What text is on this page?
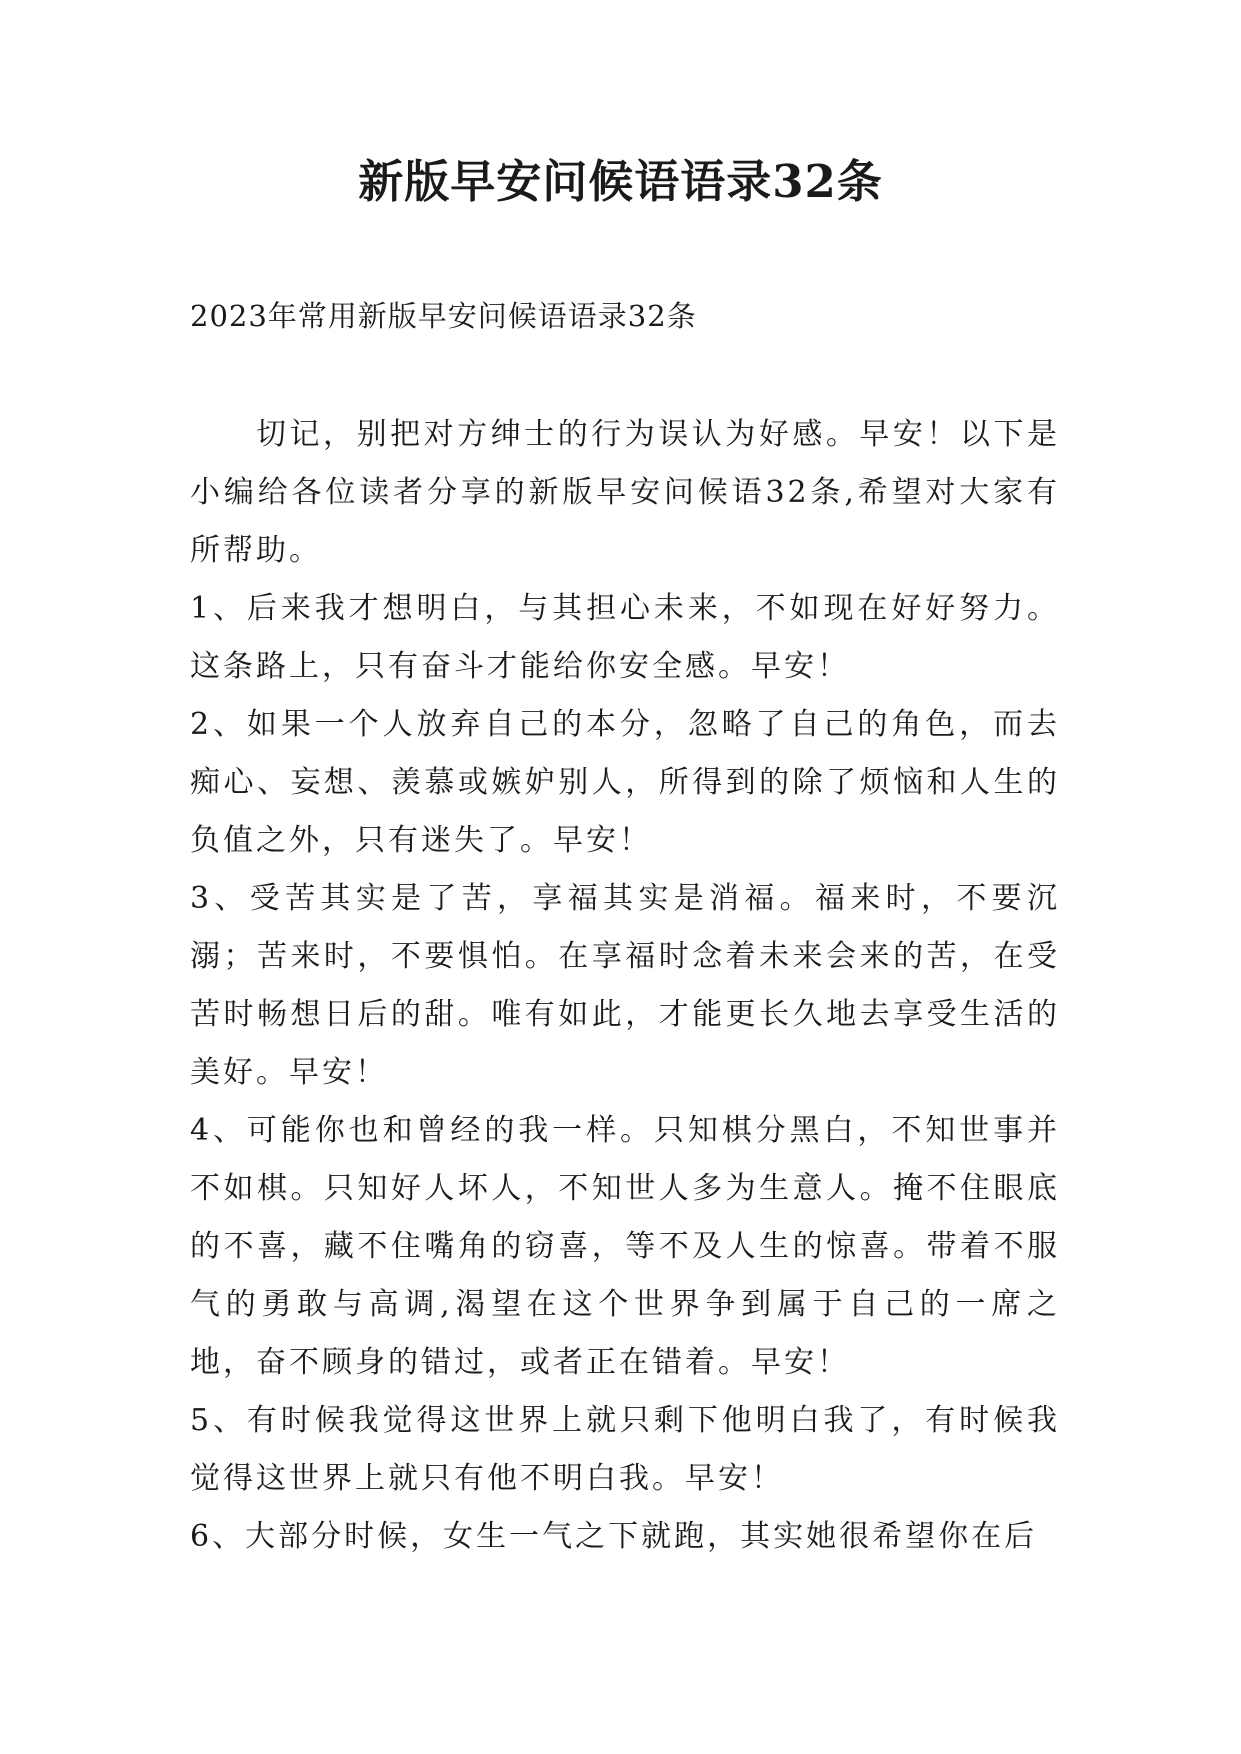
新版早安问候语语录32条
2023年常用新版早安问候语语录32条

切记，别把对方绅士的行为误认为好感。早安！以下是小编给各位读者分享的新版早安问候语32条,希望对大家有所帮助。

1、后来我才想明白，与其担心未来，不如现在好好努力。这条路上，只有奋斗才能给你安全感。早安！

2、如果一个人放弃自己的本分，忽略了自己的角色，而去痴心、妄想、羡慕或嫉妒别人，所得到的除了烦恼和人生的负值之外，只有迷失了。早安！

3、受苦其实是了苦，享福其实是消福。福来时，不要沉溺；苦来时，不要惧怕。在享福时念着未来会来的苦，在受苦时畅想日后的甜。唯有如此，才能更长久地去享受生活的美好。早安！

4、可能你也和曾经的我一样。只知棋分黑白，不知世事并不如棋。只知好人坏人，不知世人多为生意人。掩不住眼底的不喜，藏不住嘴角的窃喜，等不及人生的惊喜。带着不服气的勇敢与高调,渴望在这个世界争到属于自己的一席之地，奋不顾身的错过，或者正在错着。早安！

5、有时候我觉得这世界上就只剩下他明白我了，有时候我觉得这世界上就只有他不明白我。早安！

6、大部分时候，女生一气之下就跑，其实她很希望你在后
